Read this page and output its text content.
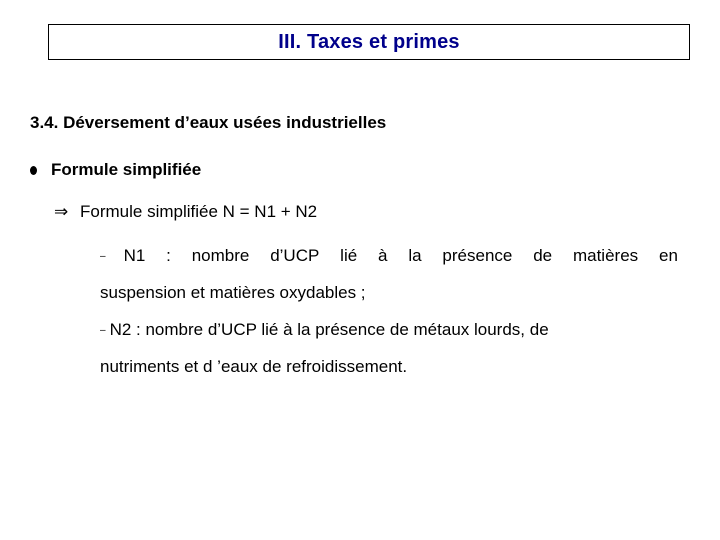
III. Taxes et primes
3.4. Déversement d’eaux usées industrielles
Formule simplifiée
⇒ Formule simplifiée N = N1 + N2
– N1 : nombre d’UCP lié à la présence de matières en
suspension et matières oxydables ;
– N2 : nombre d’UCP lié à la présence de métaux lourds, de
nutriments et d ’eaux de refroidissement.
